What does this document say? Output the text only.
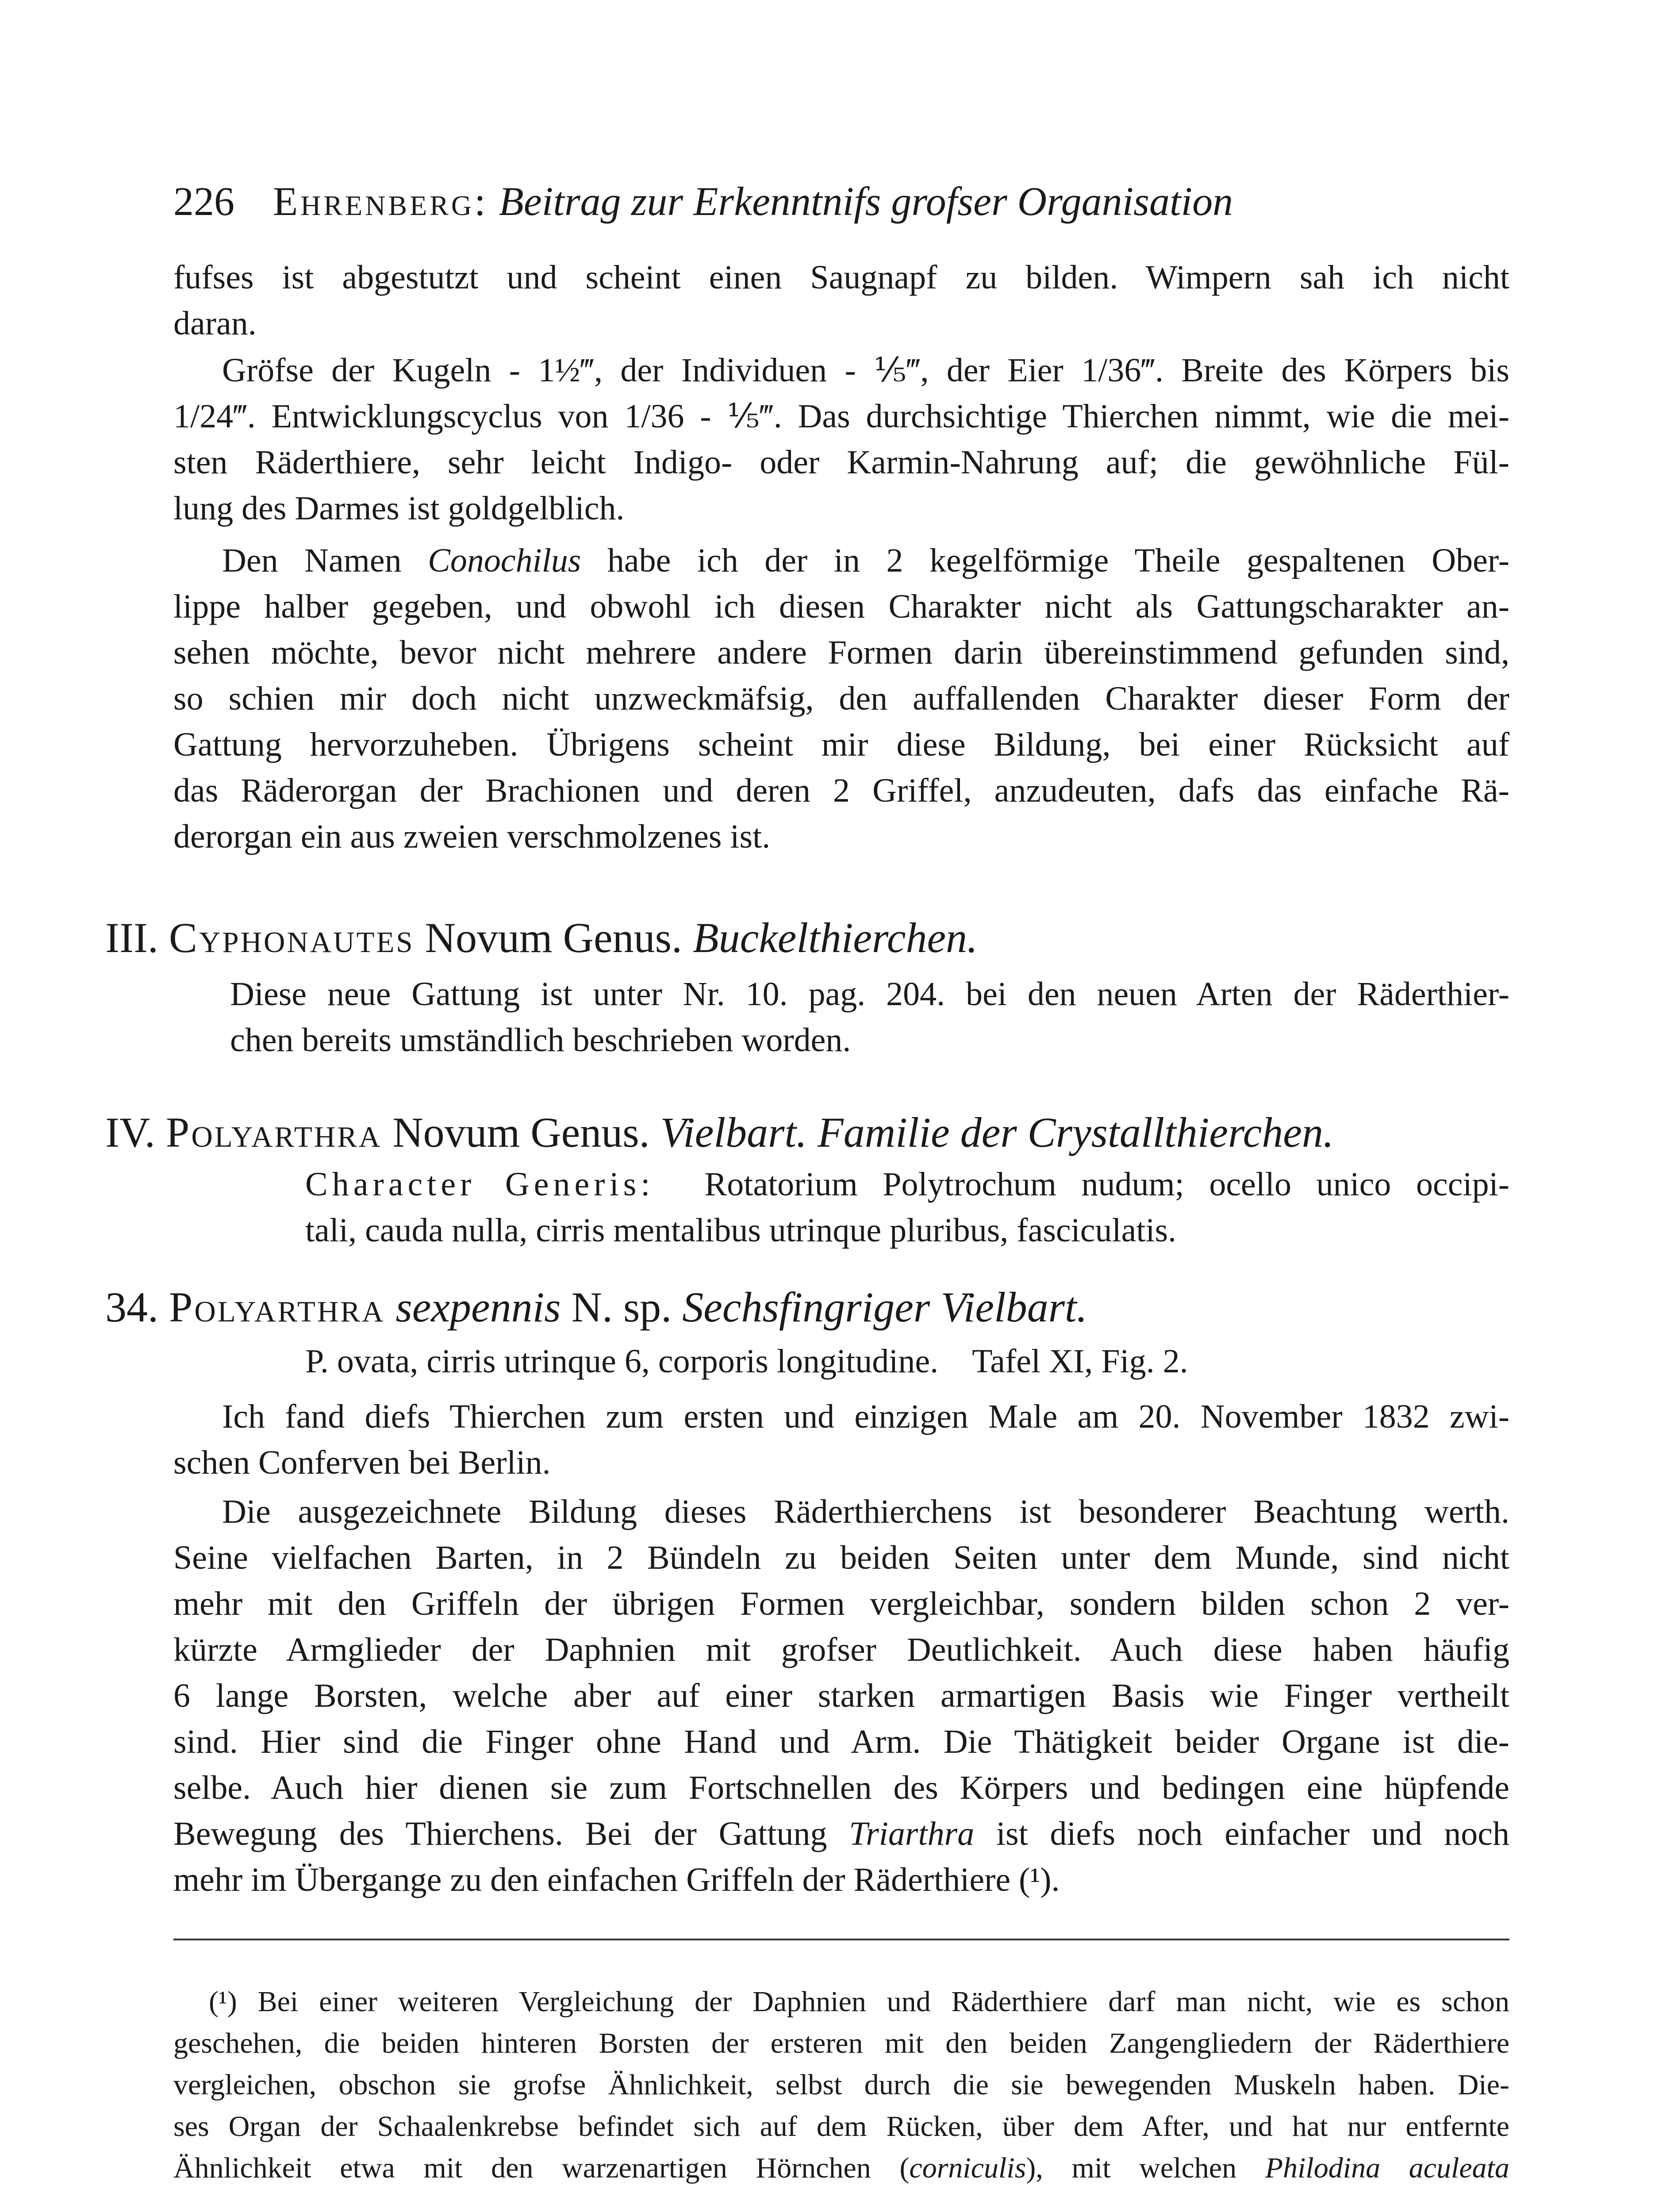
226 Ehrenberg: Beitrag zur Erkenntnifs grofser Organisation
fufses ist abgestutzt und scheint einen Saugnapf zu bilden. Wimpern sah ich nicht
daran.
Gröfse der Kugeln - 1½‴, der Individuen - ⅕‴, der Eier 1/36‴. Breite des Körpers bis
1/24‴. Entwicklungscyclus von 1/36 - ⅕‴. Das durchsichtige Thierchen nimmt, wie die mei-
sten Räderthiere, sehr leicht Indigo- oder Karmin-Nahrung auf; die gewöhnliche Fül-
lung des Darmes ist goldgelblich.
Den Namen Conochilus habe ich der in 2 kegelförmige Theile gespaltenen Ober-
lippe halber gegeben, und obwohl ich diesen Charakter nicht als Gattungscharakter an-
sehen möchte, bevor nicht mehrere andere Formen darin übereinstimmend gefunden sind,
so schien mir doch nicht unzweckmäfsig, den auffallenden Charakter dieser Form der
Gattung hervorzuheben. Übrigens scheint mir diese Bildung, bei einer Rücksicht auf
das Räderorgan der Brachionen und deren 2 Griffel, anzudeuten, dafs das einfache Rä-
derorgan ein aus zweien verschmolzenes ist.
III. Cyphonautes Novum Genus. Buckelthierchen.
Diese neue Gattung ist unter Nr. 10. pag. 204. bei den neuen Arten der Räderthier-
chen bereits umständlich beschrieben worden.
IV. Polyarthra Novum Genus. Vielbart. Familie der Crystallthierchen.
Character Generis: Rotatorium Polytrochum nudum; ocello unico occipi-
tali, cauda nulla, cirris mentalibus utrinque pluribus, fasciculatis.
34. Polyarthra sexpennis N. sp. Sechsfingriger Vielbart.
P. ovata, cirris utrinque 6, corporis longitudine. Tafel XI, Fig. 2.
Ich fand diefs Thierchen zum ersten und einzigen Male am 20. November 1832 zwi-
schen Conferven bei Berlin.
Die ausgezeichnete Bildung dieses Räderthierchens ist besonderer Beachtung werth.
Seine vielfachen Barten, in 2 Bündeln zu beiden Seiten unter dem Munde, sind nicht
mehr mit den Griffeln der übrigen Formen vergleichbar, sondern bilden schon 2 ver-
kürzte Armglieder der Daphnien mit grofser Deutlichkeit. Auch diese haben häufig
6 lange Borsten, welche aber auf einer starken armartigen Basis wie Finger vertheilt
sind. Hier sind die Finger ohne Hand und Arm. Die Thätigkeit beider Organe ist die-
selbe. Auch hier dienen sie zum Fortschnellen des Körpers und bedingen eine hüpfende
Bewegung des Thierchens. Bei der Gattung Triarthra ist diefs noch einfacher und noch
mehr im Übergange zu den einfachen Griffeln der Räderthiere (¹).
(¹) Bei einer weiteren Vergleichung der Daphnien und Räderthiere darf man nicht, wie es schon
geschehen, die beiden hinteren Borsten der ersteren mit den beiden Zangengliedern der Räderthiere
vergleichen, obschon sie grofse Ähnlichkeit, selbst durch die sie bewegenden Muskeln haben. Die-
ses Organ der Schaalenkrebse befindet sich auf dem Rücken, über dem After, und hat nur entfernte
Ähnlichkeit etwa mit den warzenartigen Hörnchen (corniculis), mit welchen Philodina aculeata
